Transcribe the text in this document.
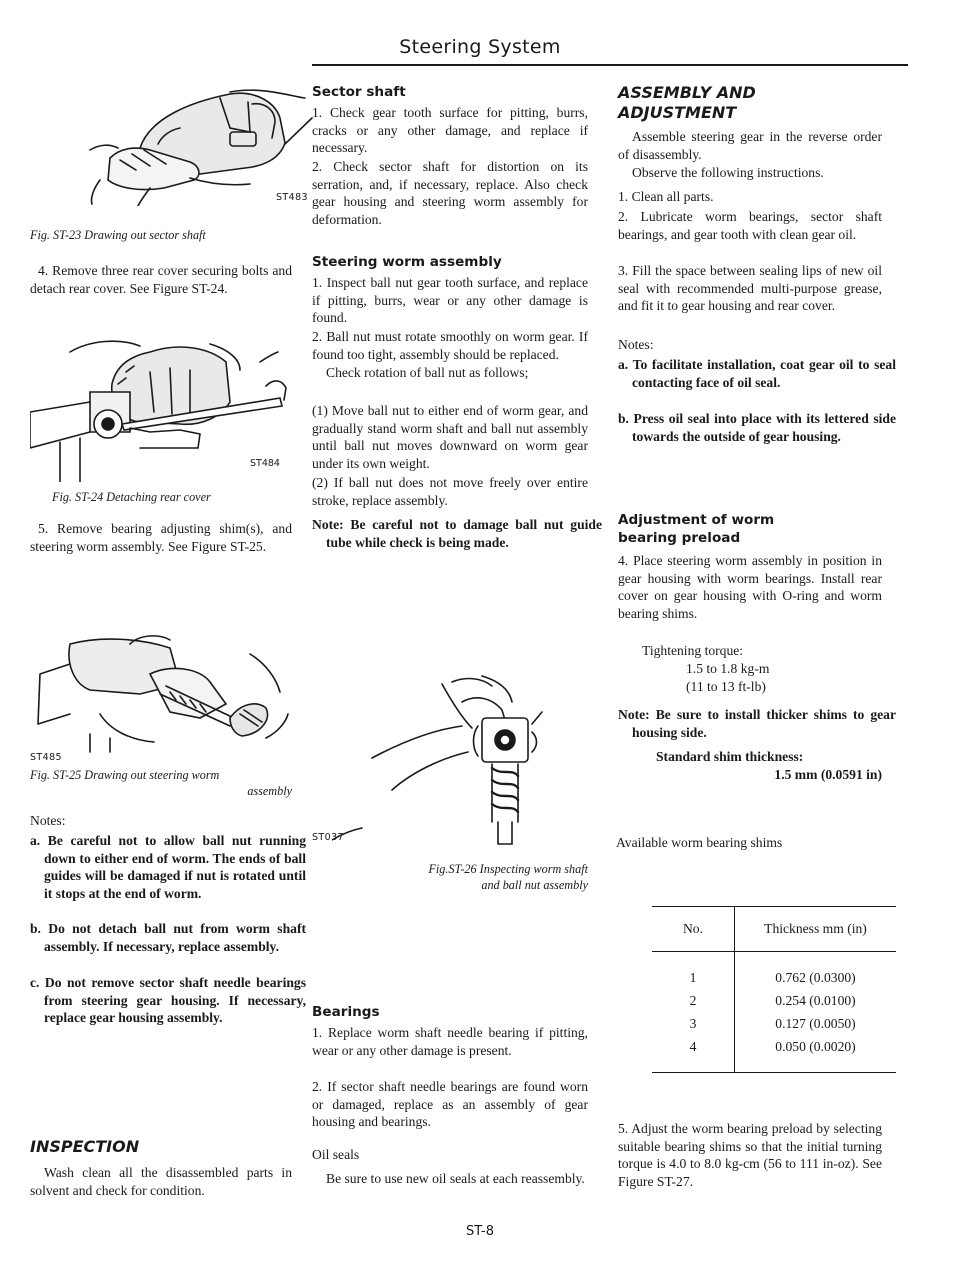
Steering System
ST483
Fig. ST-23 Drawing out sector shaft

4. Remove three rear cover securing bolts and detach rear cover. See Figure ST-24.

ST484
Fig. ST-24 Detaching rear cover

5. Remove bearing adjusting shim(s), and steering worm assembly. See Figure ST-25.

ST485
Fig. ST-25 Drawing out steering worm
assembly

Notes:

a. Be careful not to allow ball nut running down to either end of worm. The ends of ball guides will be damaged if nut is rotated until it stops at the end of worm.

b. Do not detach ball nut from worm shaft assembly. If necessary, replace assembly.

c. Do not remove sector shaft needle bearings from steering gear housing. If necessary, replace gear housing assembly.

INSPECTION

Wash clean all the disassembled parts in solvent and check for condition.

Sector shaft

1. Check gear tooth surface for pitting, burrs, cracks or any other damage, and replace if necessary.

2. Check sector shaft for distortion on its serration, and, if necessary, replace. Also check gear housing and steering worm assembly for deformation.

Steering worm assembly

1. Inspect ball nut gear tooth surface, and replace if pitting, burrs, wear or any other damage is found.

2. Ball nut must rotate smoothly on worm gear. If found too tight, assembly should be replaced.

Check rotation of ball nut as follows;

(1) Move ball nut to either end of worm gear, and gradually stand worm shaft and ball nut assembly until ball nut moves downward on worm gear under its own weight.

(2) If ball nut does not move freely over entire stroke, replace assembly.

Note: Be careful not to damage ball nut guide tube while check is being made.

ST037
Fig.ST-26 Inspecting worm shaft
and ball nut assembly
Bearings

1. Replace worm shaft needle bearing if pitting, wear or any other damage is present.

2. If sector shaft needle bearings are found worn or damaged, replace as an assembly of gear housing and bearings.

Oil seals

Be sure to use new oil seals at each reassembly.

ST-8
ASSEMBLY AND
ADJUSTMENT

Assemble steering gear in the reverse order of disassembly.

Observe the following instructions.

1. Clean all parts.

2. Lubricate worm bearings, sector shaft bearings, and gear tooth with clean gear oil.

3. Fill the space between sealing lips of new oil seal with recommended multi-purpose grease, and fit it to gear housing and rear cover.

Notes:

a. To facilitate installation, coat gear oil to seal contacting face of oil seal.

b. Press oil seal into place with its lettered side towards the outside of gear housing.

Adjustment of worm
bearing preload

4. Place steering worm assembly in position in gear housing with worm bearings. Install rear cover on gear housing with O-ring and worm bearing shims.

Tightening torque:

1.5 to 1.8 kg-m

(11 to 13 ft-lb)

Note: Be sure to install thicker shims to gear housing side.

Standard shim thickness:

1.5 mm (0.0591 in)

Available worm bearing shims

5. Adjust the worm bearing preload by selecting suitable bearing shims so that the initial turning torque is 4.0 to 8.0 kg-cm (56 to 111 in-oz). See Figure ST-27.

No.	Thickness mm (in)
1	0.762 (0.0300)
2	0.254 (0.0100)
3	0.127 (0.0050)
4	0.050 (0.0020)
